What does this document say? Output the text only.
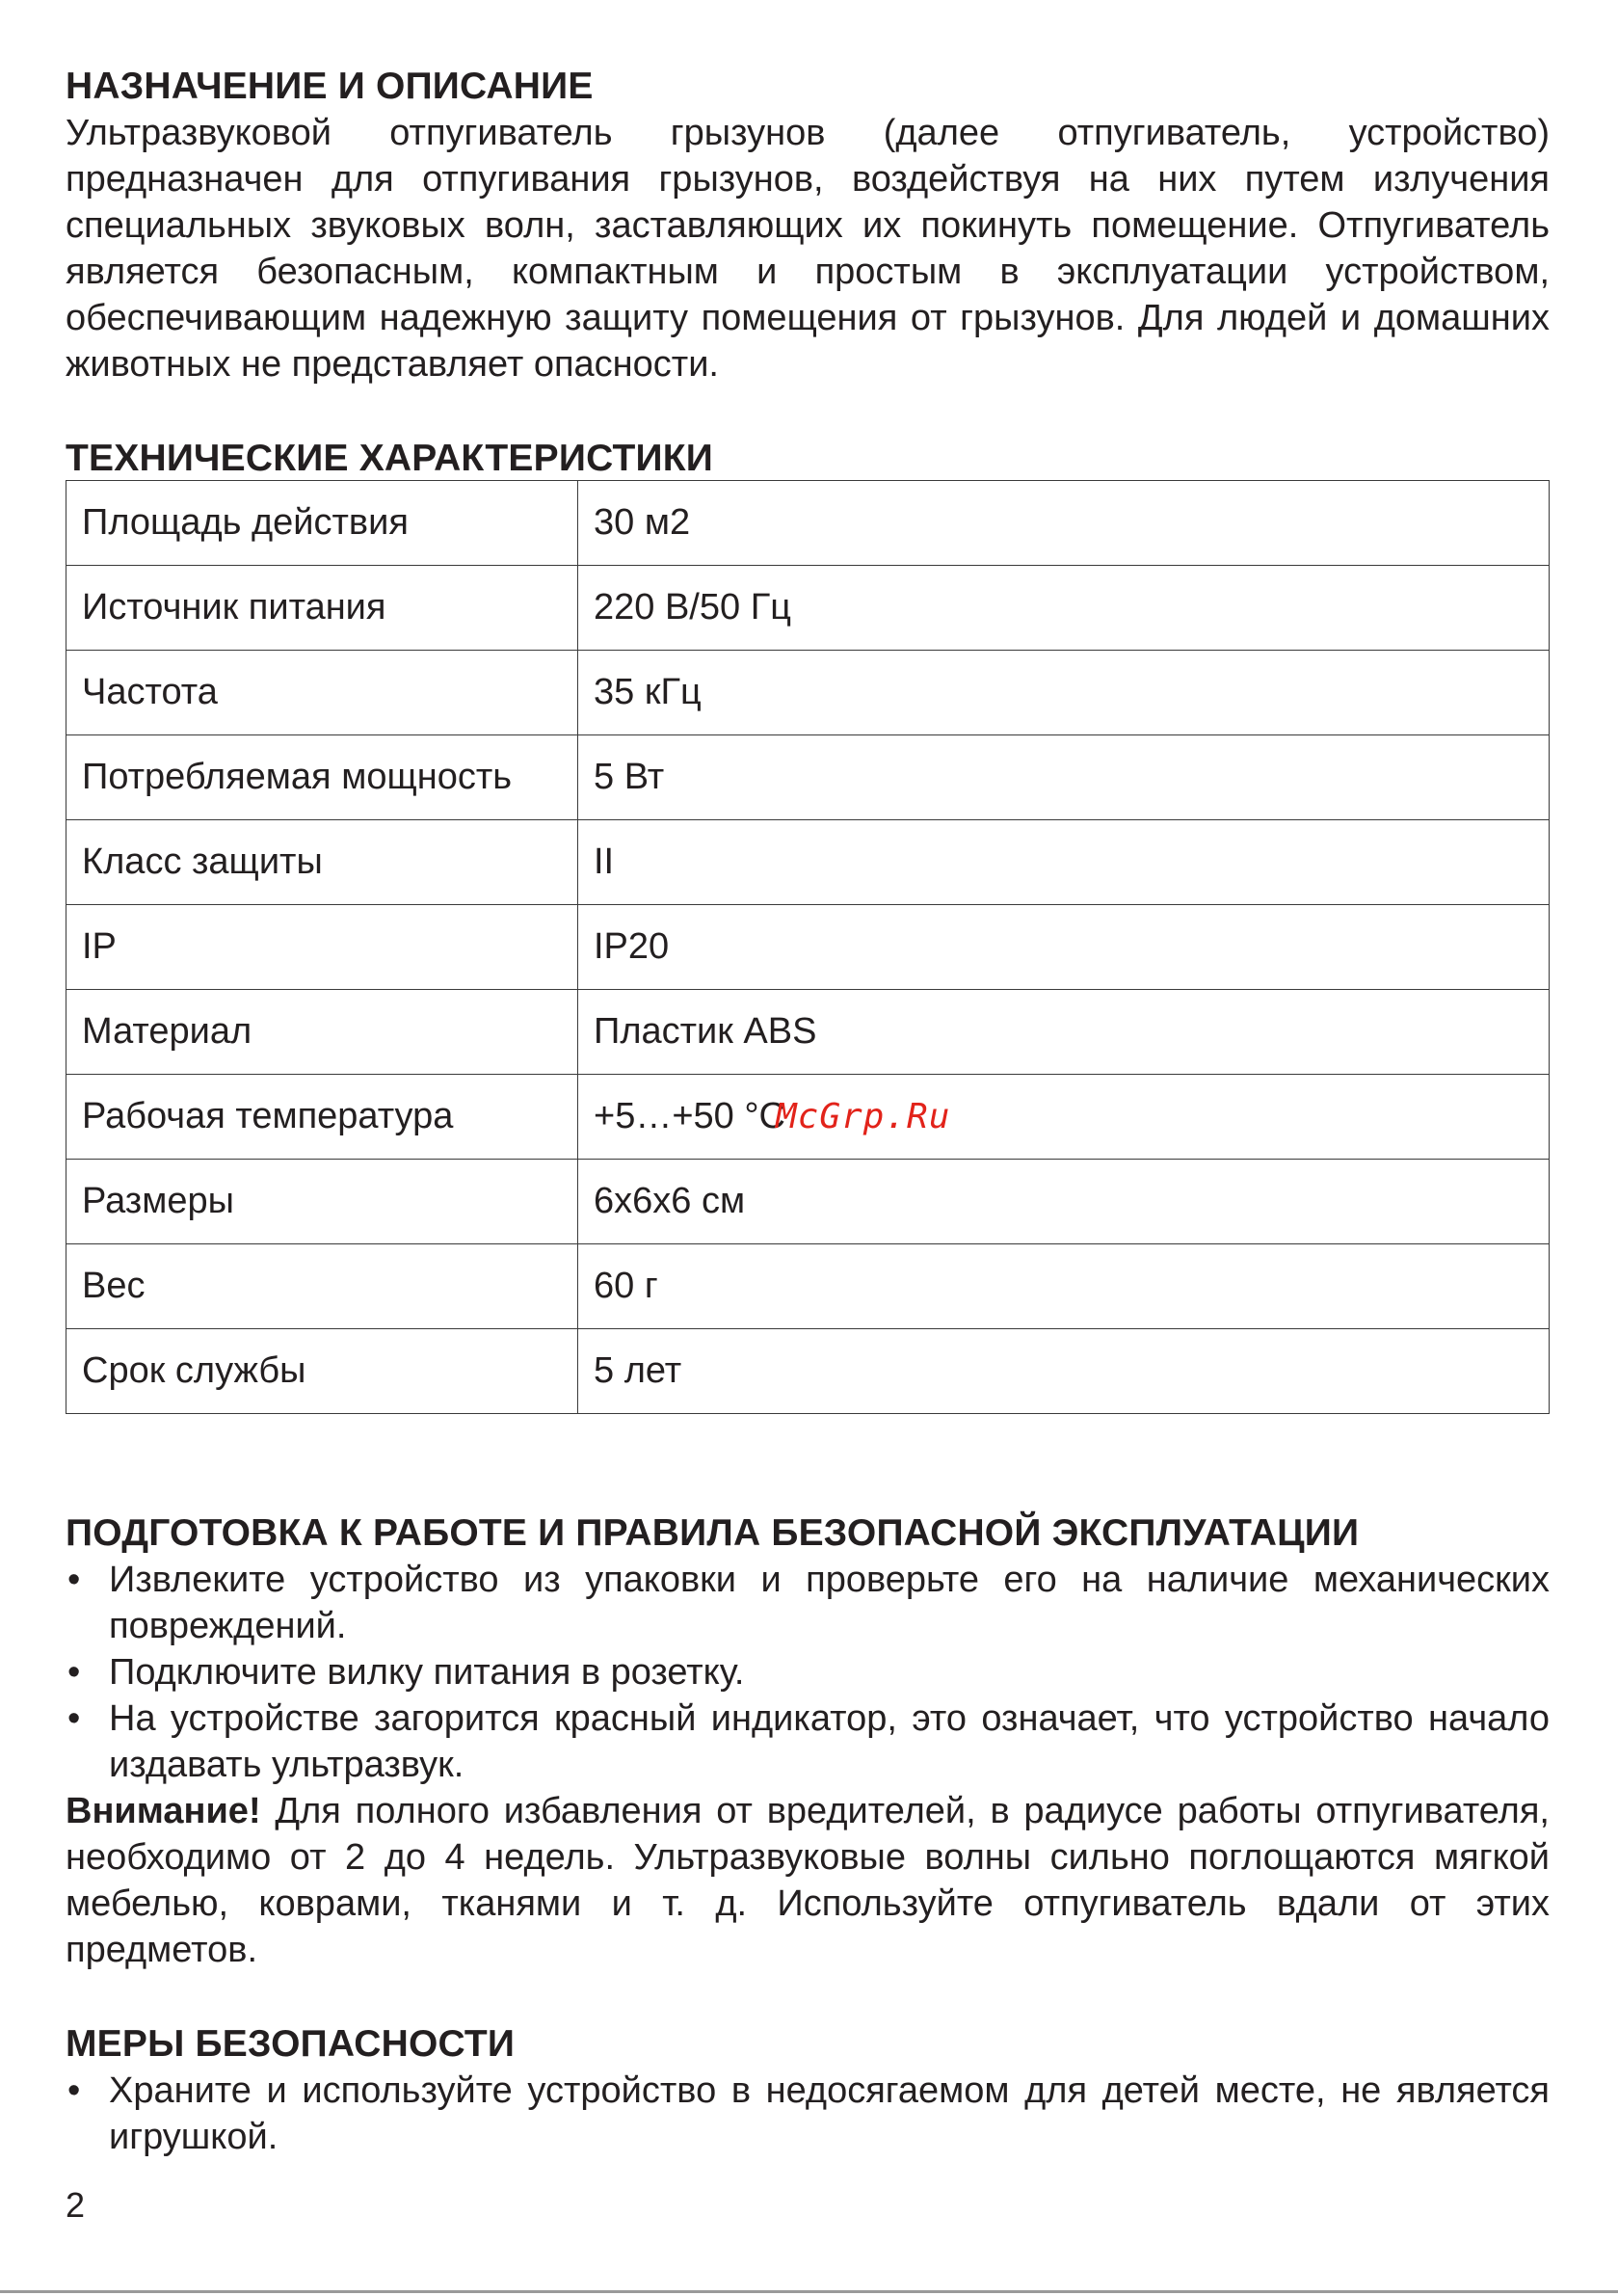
НАЗНАЧЕНИЕ И ОПИСАНИЕ

Ультразвуковой отпугиватель грызунов (далее отпугиватель, устройство) предназначен для отпугивания грызунов, воздействуя на них путем излучения специальных звуковых волн, заставляющих их покинуть помещение. Отпугиватель является безопасным, компактным и простым в эксплуатации устройством, обеспечивающим надежную защиту помещения от грызунов. Для людей и домашних животных не представляет опасности.

ТЕХНИЧЕСКИЕ ХАРАКТЕРИСТИКИ
Площадь действия	30 м2
Источник питания	220 В/50 Гц
Частота	35 кГц
Потребляемая мощность	5 Вт
Класс защиты	II
IP	IP20
Материал	Пластик ABS
Рабочая температура	+5…+50 °СMcGrp.Ru
Размеры	6х6х6 см
Вес	60 г
Срок службы	5 лет
ПОДГОТОВКА К РАБОТЕ И ПРАВИЛА БЕЗОПАСНОЙ ЭКСПЛУАТАЦИИ
• Извлеките устройство из упаковки и проверьте его на наличие механических повреждений.
• Подключите вилку питания в розетку.
• На устройстве загорится красный индикатор, это означает, что устройство начало издавать ультразвук.

Внимание! Для полного избавления от вредителей, в радиусе работы отпугивателя, необходимо от 2 до 4 недель. Ультразвуковые волны сильно поглощаются мягкой мебелью, коврами, тканями и т. д. Используйте отпугиватель вдали от этих предметов.

МЕРЫ БЕЗОПАСНОСТИ
• Храните и используйте устройство в недосягаемом для детей месте, не является игрушкой.
2
